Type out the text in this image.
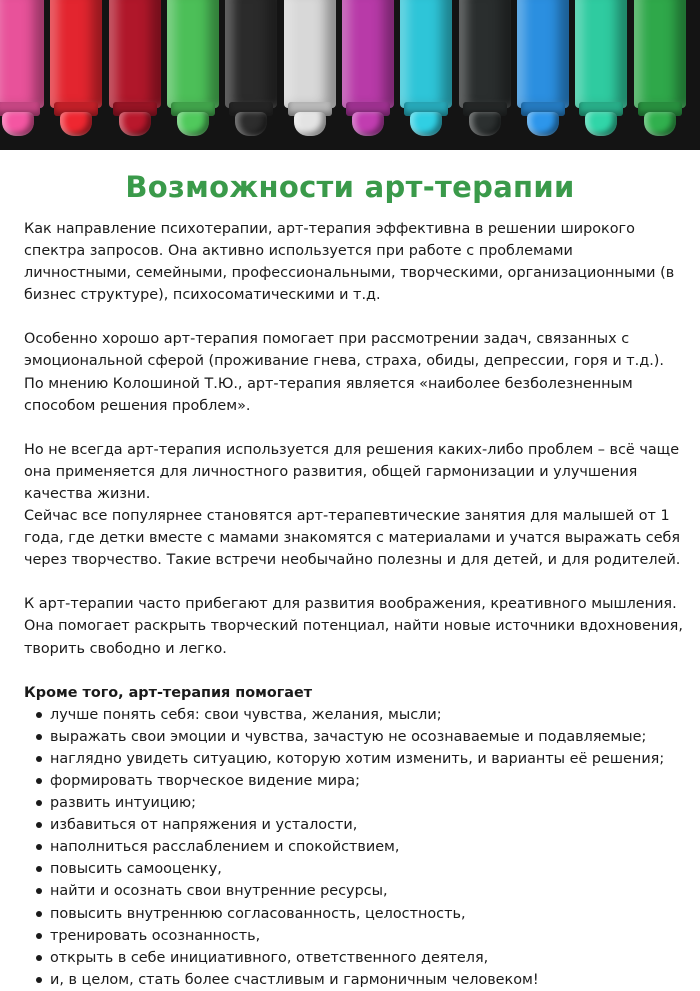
Возможности арт-терапии

Как направление психотерапии, арт-терапия эффективна в решении широкого спектра запросов. Она активно используется при работе с проблемами личностными, семейными, профессиональными, творческими, организационными (в бизнес структуре), психосоматическими и т.д.

Особенно хорошо арт-терапия помогает при рассмотрении задач, связанных с эмоциональной сферой (проживание гнева, страха, обиды, депрессии, горя и т.д.). По мнению Колошиной Т.Ю., арт-терапия является «наиболее безболезненным способом решения проблем».

Но не всегда арт-терапия используется для решения каких-либо проблем – всё чаще она применяется для личностного развития, общей гармонизации и улучшения качества жизни.

Сейчас все популярнее становятся арт-терапевтические занятия для малышей от 1 года, где детки вместе с мамами знакомятся с материалами и учатся выражать себя через творчество. Такие встречи необычайно полезны и для детей, и для родителей.

К арт-терапии часто прибегают для развития воображения, креативного мышления. Она помогает раскрыть творческий потенциал, найти новые источники вдохновения, творить свободно и легко.

Кроме того, арт-терапия помогает

лучше понять себя: свои чувства, желания, мысли;
выражать свои эмоции и чувства, зачастую не осознаваемые и подавляемые;
наглядно увидеть ситуацию, которую хотим изменить, и варианты её решения;
формировать творческое видение мира;
развить интуицию;
избавиться от напряжения и усталости,
наполниться расслаблением и спокойствием,
повысить самооценку,
найти и осознать свои внутренние ресурсы,
повысить внутреннюю согласованность, целостность,
тренировать осознанность,
открыть в себе инициативного, ответственного деятеля,
и, в целом, стать более счастливым и гармоничным человеком!
